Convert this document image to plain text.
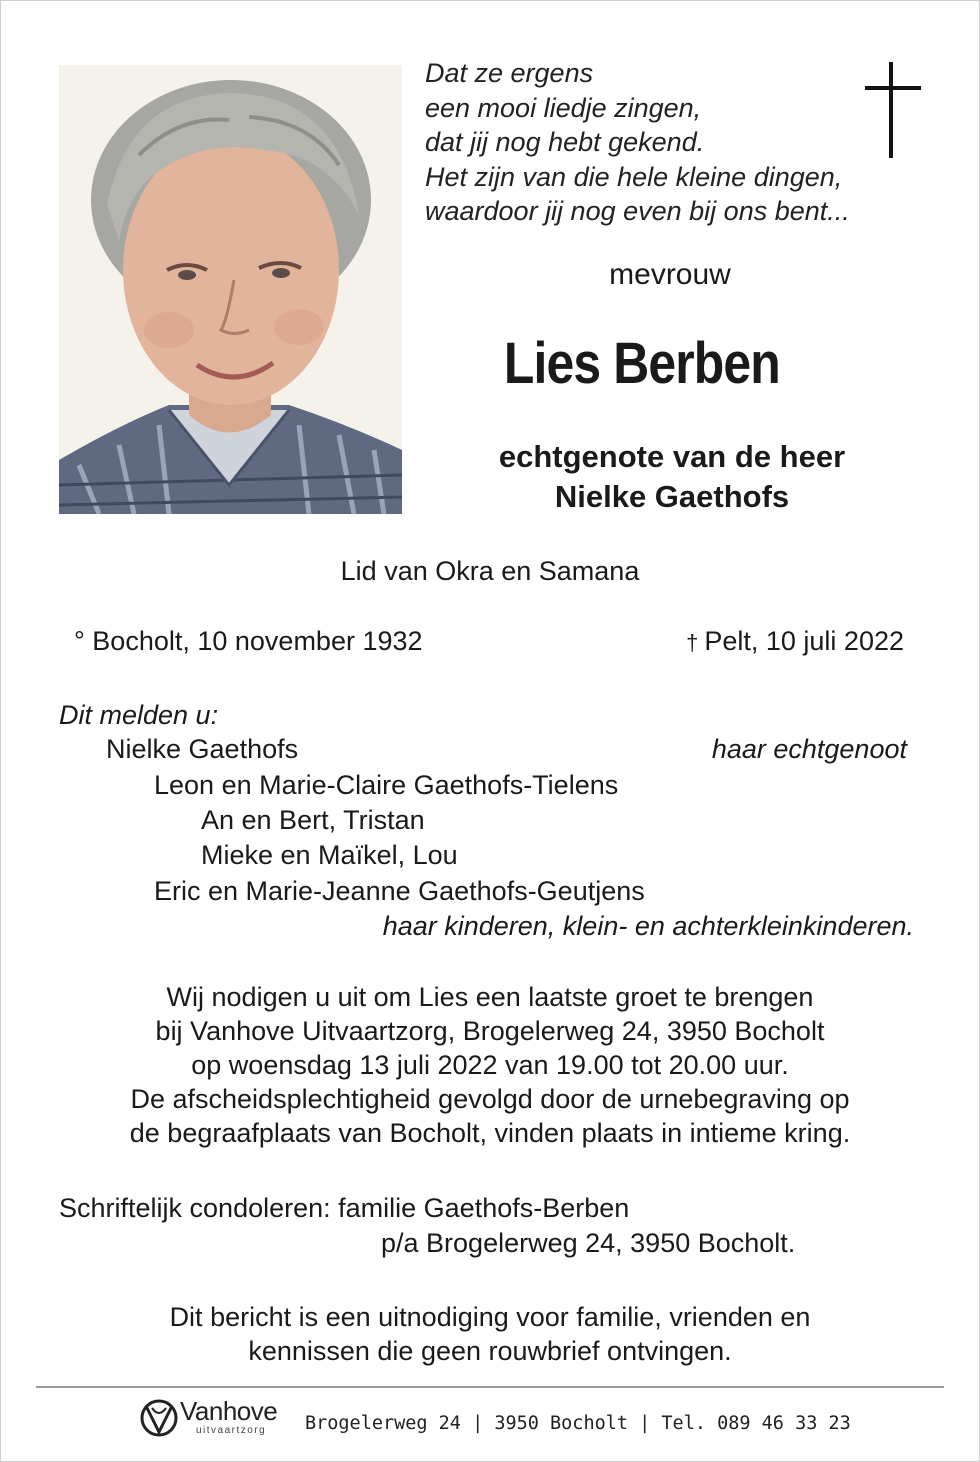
Dat ze ergens
een mooi liedje zingen,
dat jij nog hebt gekend.
Het zijn van die hele kleine dingen,
waardoor jij nog even bij ons bent...
mevrouw
Lies Berben
echtgenote van de heer
Nielke Gaethofs
Lid van Okra en Samana
° Bocholt, 10 november 1932	† Pelt, 10 juli 2022
Dit melden u:
Nielke Gaethofs	haar echtgenoot
Leon en Marie-Claire Gaethofs-Tielens
An en Bert, Tristan
Mieke en Maïkel, Lou
Eric en Marie-Jeanne Gaethofs-Geutjens
haar kinderen, klein- en achterkleinkinderen.
Wij nodigen u uit om Lies een laatste groet te brengen
bij Vanhove Uitvaartzorg, Brogelerweg 24, 3950 Bocholt
op woensdag 13 juli 2022 van 19.00 tot 20.00 uur.
De afscheidsplechtigheid gevolgd door de urnebegraving op
de begraafplaats van Bocholt, vinden plaats in intieme kring.
Schriftelijk condoleren: familie Gaethofs-Berben
p/a Brogelerweg 24, 3950 Bocholt.
Dit bericht is een uitnodiging voor familie, vrienden en
kennissen die geen rouwbrief ontvingen.
Vanhove
uitvaartzorg Brogelerweg 24 | 3950 Bocholt | Tel. 089 46 33 23
